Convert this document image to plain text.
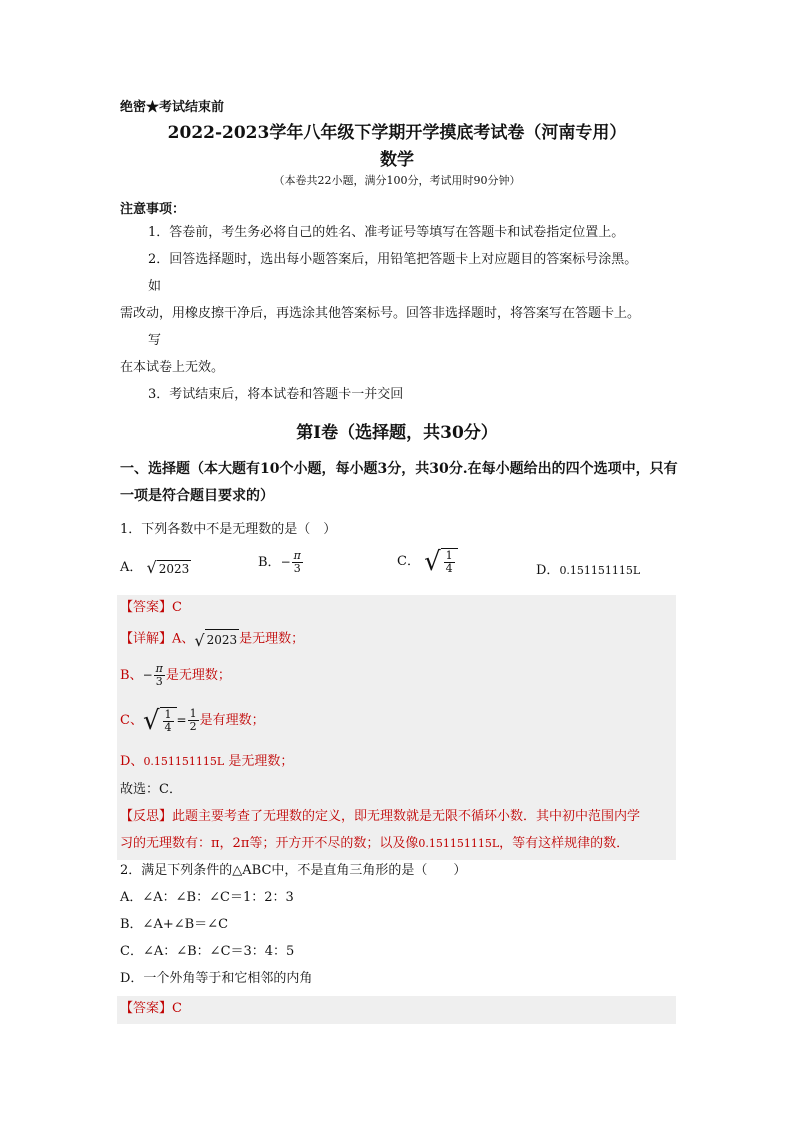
绝密★考试结束前
2022-2023学年八年级下学期开学摸底考试卷（河南专用）
数学
（本卷共22小题，满分100分，考试用时90分钟）
注意事项：
1．答卷前，考生务必将自己的姓名、准考证号等填写在答题卡和试卷指定位置上。
2．回答选择题时，选出每小题答案后，用铅笔把答题卡上对应题目的答案标号涂黑。
如
需改动，用橡皮擦干净后，再选涂其他答案标号。回答非选择题时，将答案写在答题卡上。
写
在本试卷上无效。
3．考试结束后，将本试卷和答题卡一并交回
第Ⅰ卷（选择题，共30分）
一、选择题（本大题有10个小题，每小题3分，共30分.在每小题给出的四个选项中，只有一项是符合题目要求的）
1．下列各数中不是无理数的是（　）
A． √ 2023	B．− $\frac{\pi}{3}$	C． √ $\frac{1}{4}$	D．0.151151115L
【答案】C
【详解】A、 √ 2023 是无理数；
B、− $\frac{\pi}{3}$ 是无理数；
C、 √ $\frac{1}{4} = \frac{1}{2}$ 是有理数；
D、0.151151115L 是无理数；
故选：C．
【反思】此题主要考查了无理数的定义，即无理数就是无限不循环小数．其中初中范围内学
习的无理数有：π，2π等；开方开不尽的数；以及像0.151151115L，等有这样规律的数．
2．满足下列条件的△ABC中，不是直角三角形的是（　　）
A．∠A：∠B：∠C＝1：2：3
B．∠A+∠B＝∠C
C．∠A：∠B：∠C＝3：4：5
D．一个外角等于和它相邻的内角
【答案】C
